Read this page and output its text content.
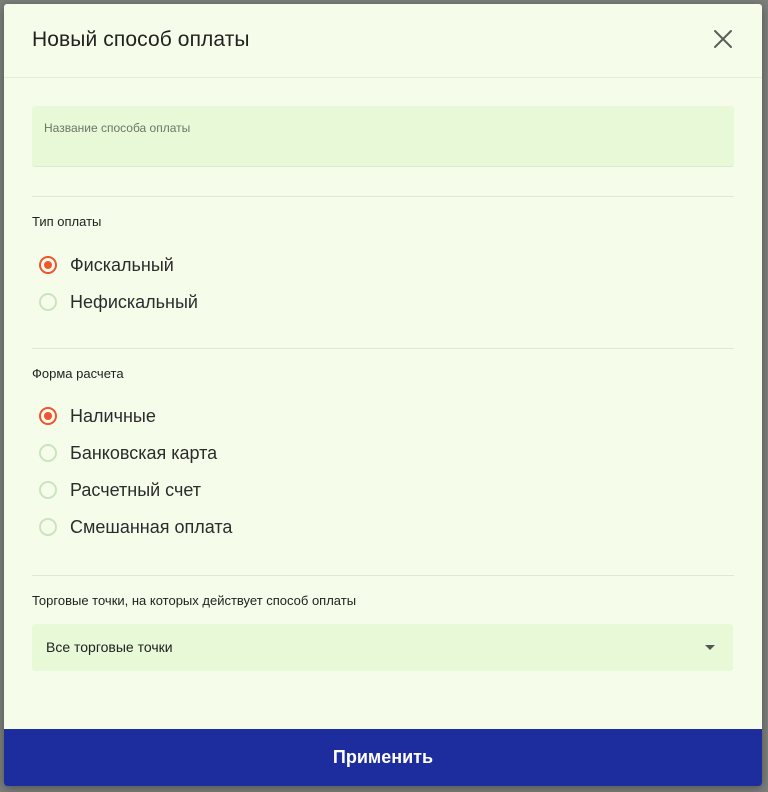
Новый способ оплаты
Название способа оплаты
Тип оплаты
Фискальный
Нефискальный
Форма расчета
Наличные
Банковская карта
Расчетный счет
Смешанная оплата
Торговые точки, на которых действует способ оплаты
Все торговые точки
Применить
